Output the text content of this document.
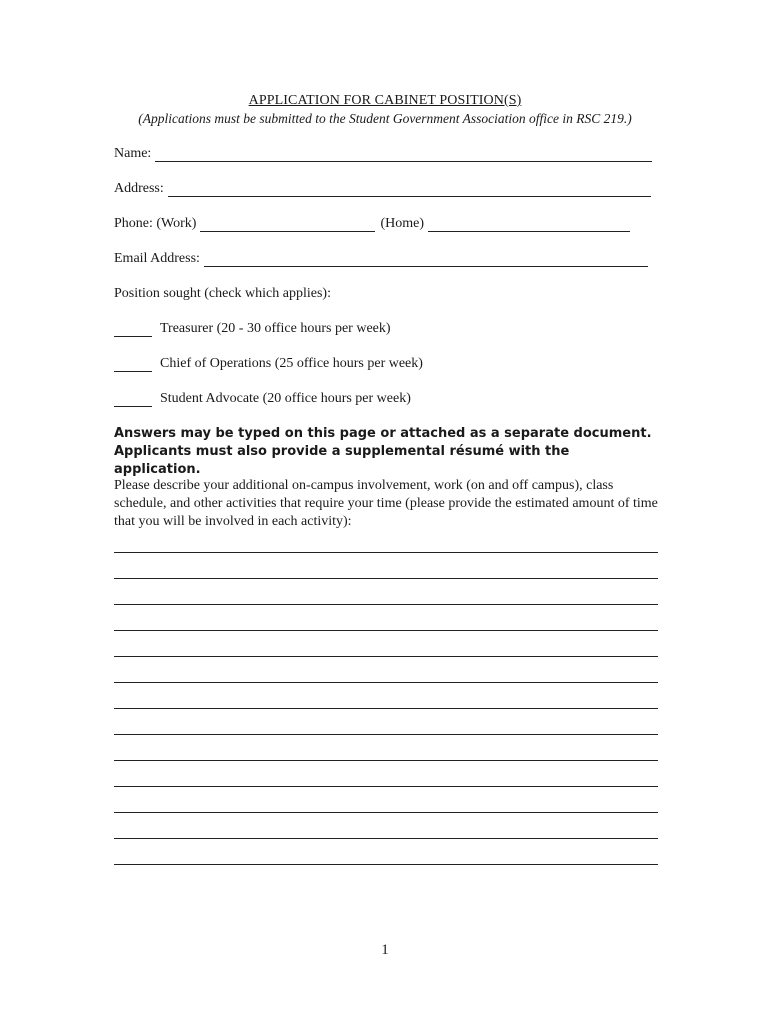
APPLICATION FOR CABINET POSITION(S)
(Applications must be submitted to the Student Government Association office in RSC 219.)
Name:
Address:
Phone: (Work)	(Home)
Email Address:
Position sought (check which applies):
Treasurer (20 - 30 office hours per week)
Chief of Operations (25 office hours per week)
Student Advocate (20 office hours per week)
Answers may be typed on this page or attached as a separate document. Applicants must also provide a supplemental résumé with the application.
Please describe your additional on-campus involvement, work (on and off campus), class schedule, and other activities that require your time (please provide the estimated amount of time that you will be involved in each activity):
1
